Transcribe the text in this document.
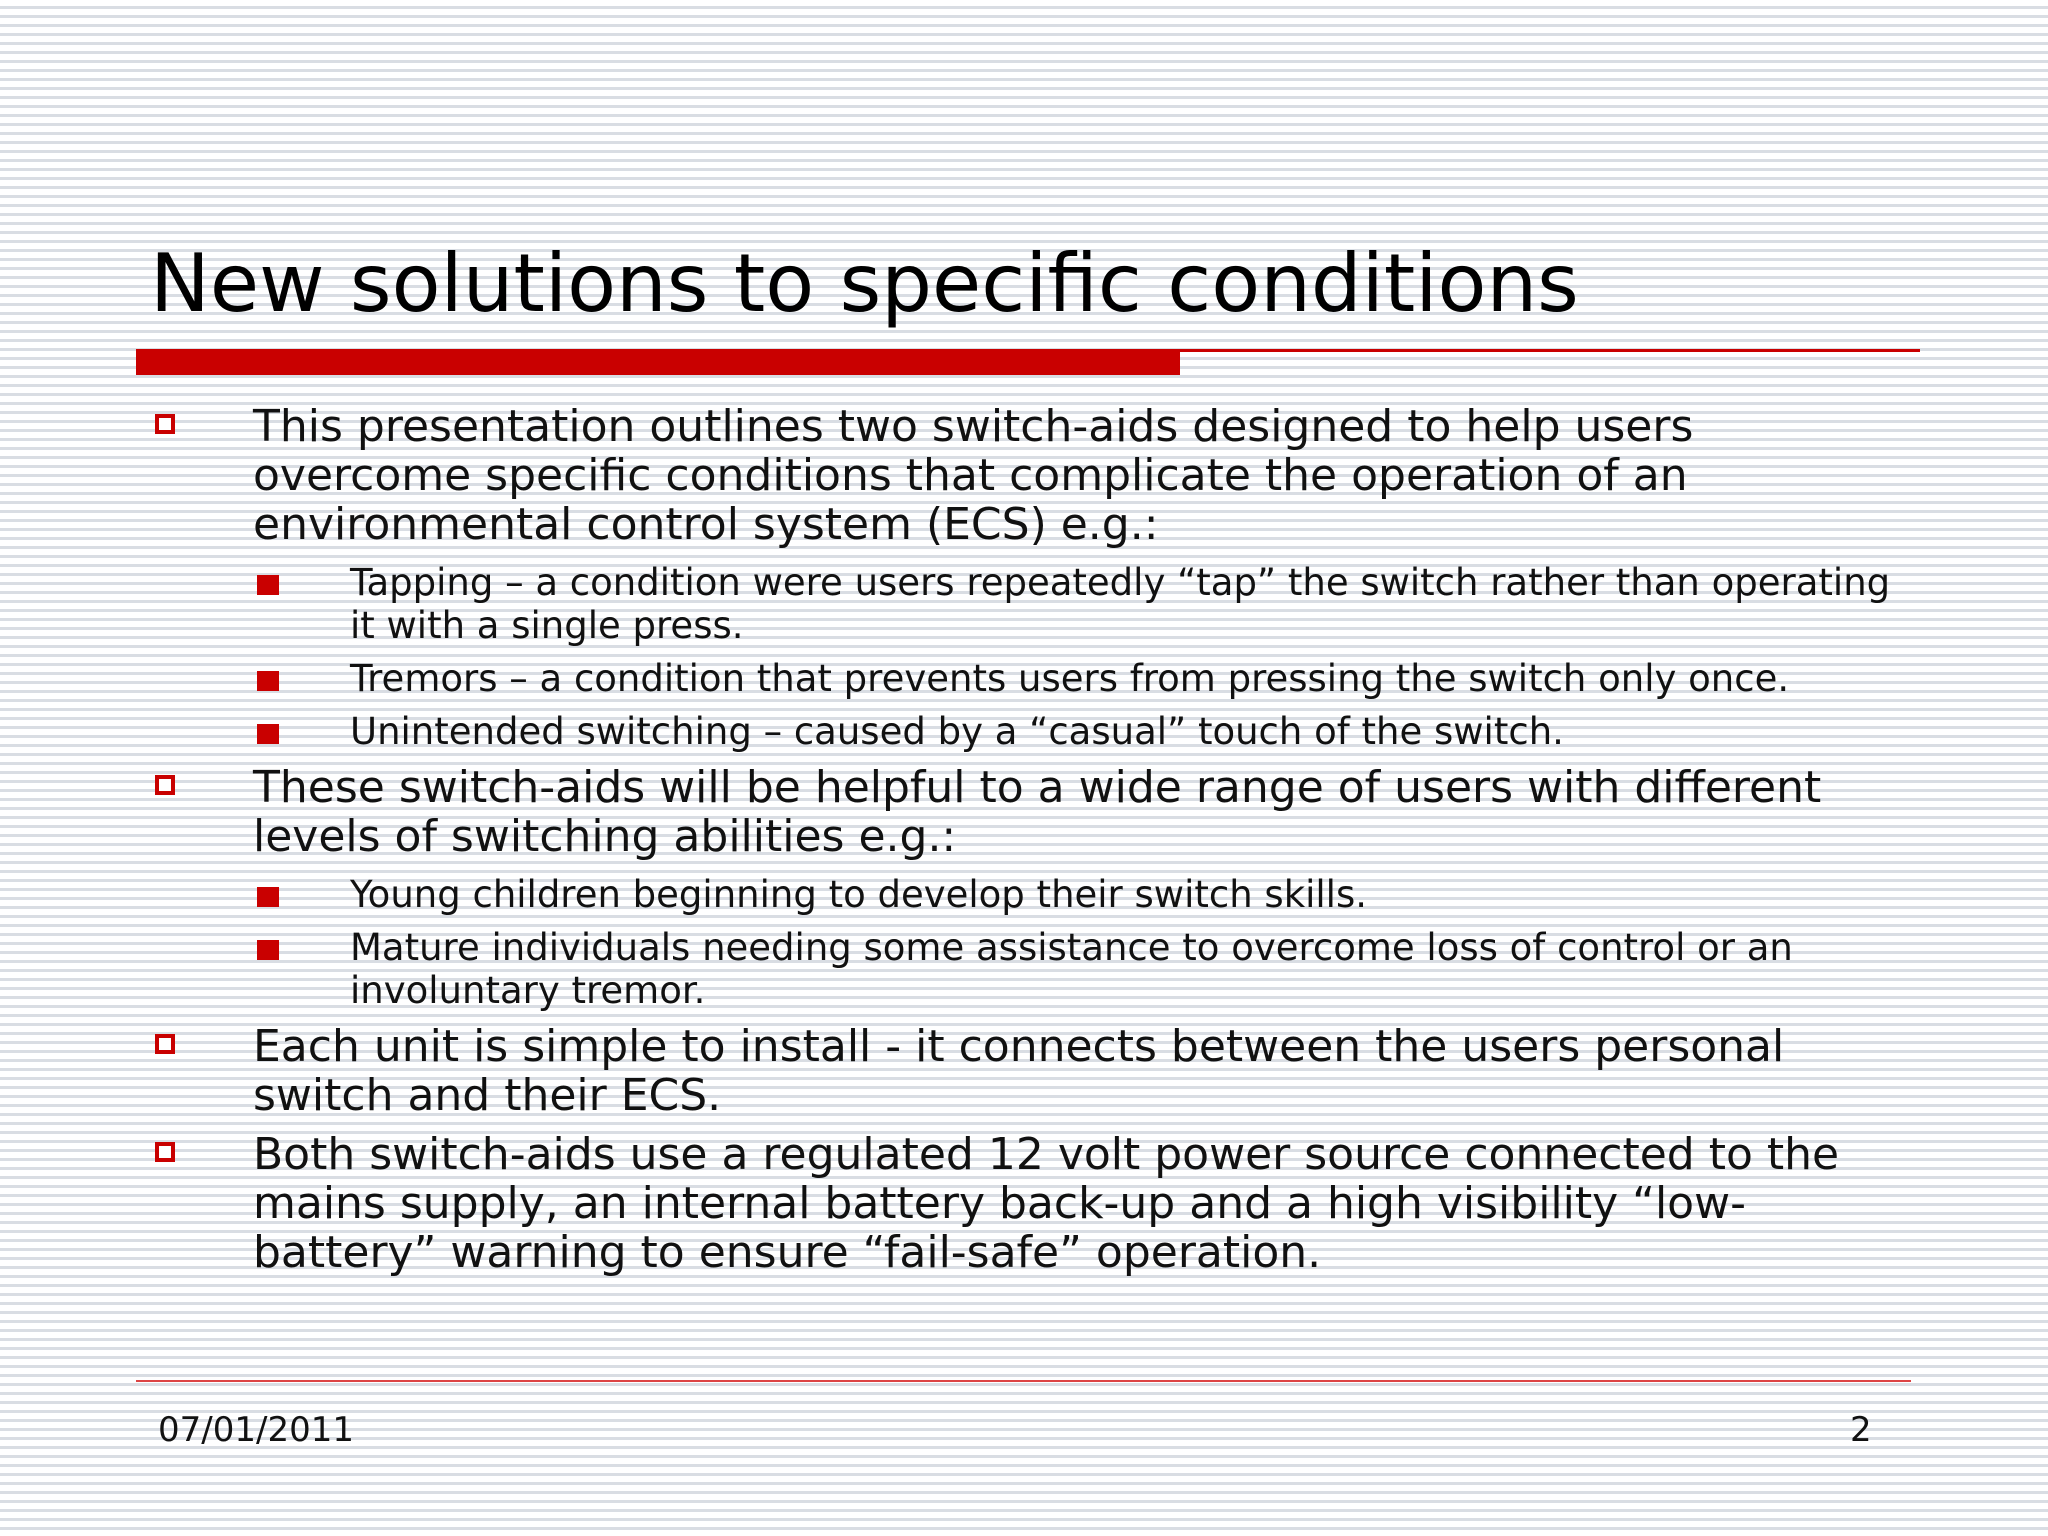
New solutions to specific conditions
This presentation outlines two switch-aids designed to help users overcome specific conditions that complicate the operation of an environmental control system (ECS) e.g.:
Tapping – a condition were users repeatedly “tap” the switch rather than operating it with a single press.
Tremors – a condition that prevents users from pressing the switch only once.
Unintended switching – caused by a “casual” touch of the switch.
These switch-aids will be helpful to a wide range of users with different levels of switching abilities e.g.:
Young children beginning to develop their switch skills.
Mature individuals needing some assistance to overcome loss of control or an involuntary tremor.
Each unit is simple to install - it connects between the users personal switch and their ECS.
Both switch-aids use a regulated 12 volt power source connected to the mains supply, an internal battery back-up and a high visibility “low-battery” warning to ensure “fail-safe” operation.
07/01/2011	2
